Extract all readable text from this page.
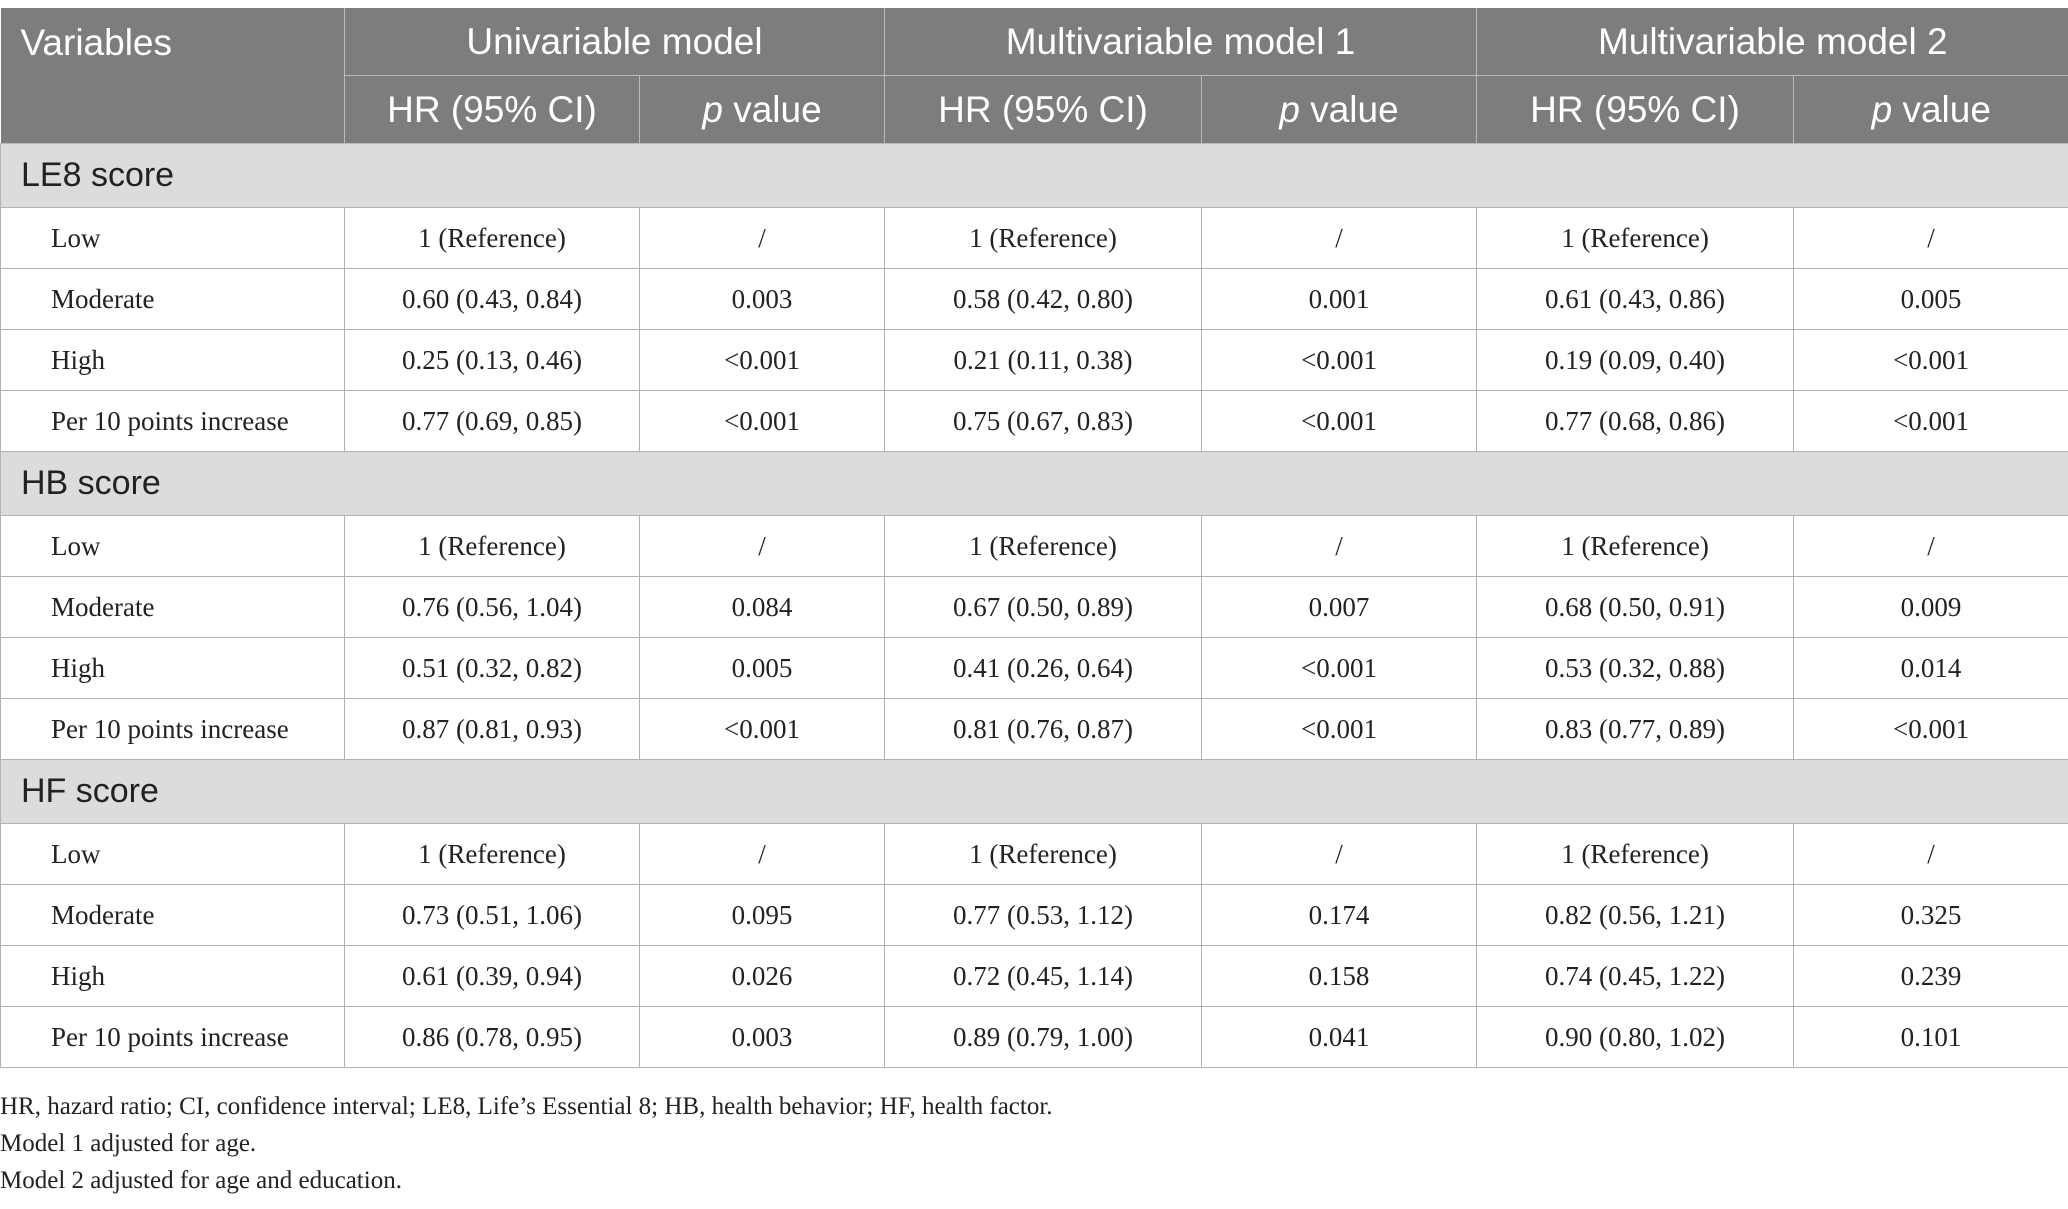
Variables	Univariable model		Multivariable model 1		Multivariable model 2	
	HR (95% CI)	p value	HR (95% CI)	p value	HR (95% CI)	p value
LE8 score						
Low	1 (Reference)	/	1 (Reference)	/	1 (Reference)	/
Moderate	0.60 (0.43, 0.84)	0.003	0.58 (0.42, 0.80)	0.001	0.61 (0.43, 0.86)	0.005
High	0.25 (0.13, 0.46)	<0.001	0.21 (0.11, 0.38)	<0.001	0.19 (0.09, 0.40)	<0.001
Per 10 points increase	0.77 (0.69, 0.85)	<0.001	0.75 (0.67, 0.83)	<0.001	0.77 (0.68, 0.86)	<0.001
HB score						
Low	1 (Reference)	/	1 (Reference)	/	1 (Reference)	/
Moderate	0.76 (0.56, 1.04)	0.084	0.67 (0.50, 0.89)	0.007	0.68 (0.50, 0.91)	0.009
High	0.51 (0.32, 0.82)	0.005	0.41 (0.26, 0.64)	<0.001	0.53 (0.32, 0.88)	0.014
Per 10 points increase	0.87 (0.81, 0.93)	<0.001	0.81 (0.76, 0.87)	<0.001	0.83 (0.77, 0.89)	<0.001
HF score						
Low	1 (Reference)	/	1 (Reference)	/	1 (Reference)	/
Moderate	0.73 (0.51, 1.06)	0.095	0.77 (0.53, 1.12)	0.174	0.82 (0.56, 1.21)	0.325
High	0.61 (0.39, 0.94)	0.026	0.72 (0.45, 1.14)	0.158	0.74 (0.45, 1.22)	0.239
Per 10 points increase	0.86 (0.78, 0.95)	0.003	0.89 (0.79, 1.00)	0.041	0.90 (0.80, 1.02)	0.101
HR, hazard ratio; CI, confidence interval; LE8, Life’s Essential 8; HB, health behavior; HF, health factor.
Model 1 adjusted for age.
Model 2 adjusted for age and education.
